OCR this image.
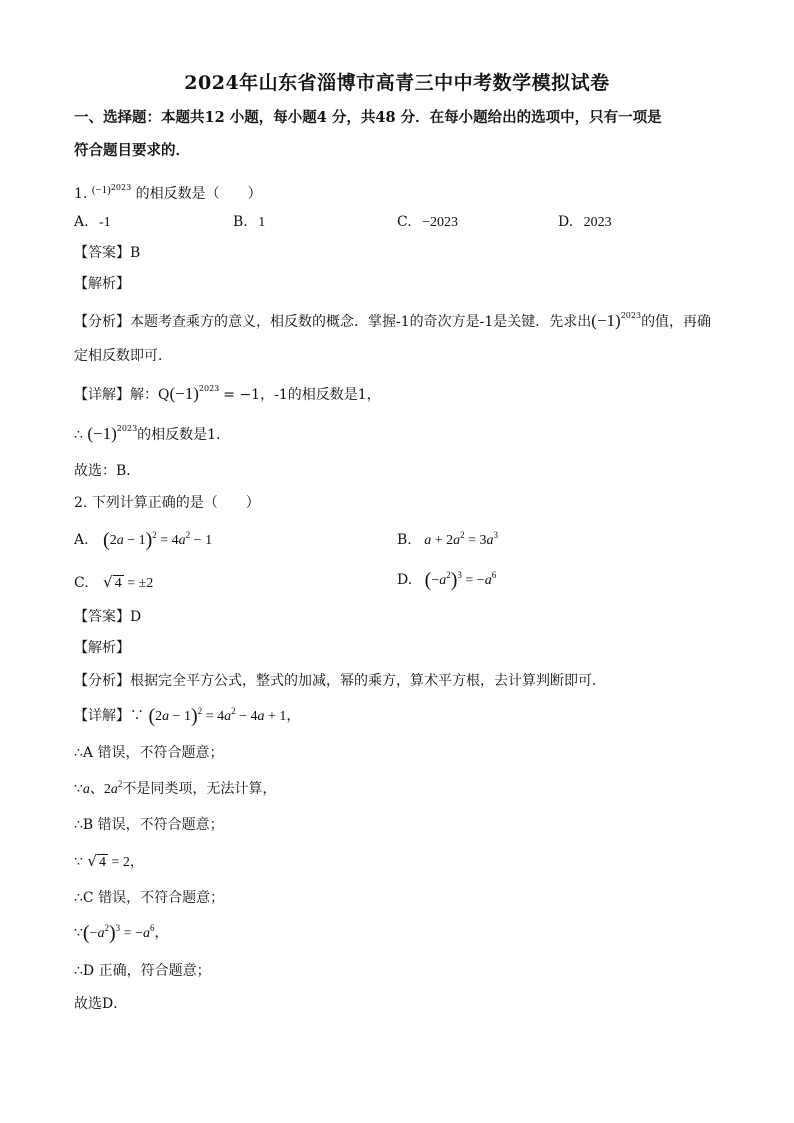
2024年山东省淄博市高青三中中考数学模拟试卷
一、选择题：本题共12 小题，每小题4 分，共48 分．在每小题给出的选项中，只有一项是
符合题目要求的．
1. $^{(-1)2023}$ 的相反数是（　　）
A. -1	B. 1	C. −2023	D. 2023
【答案】B
【解析】
【分析】本题考查乘方的意义，相反数的概念．掌握-1的奇次方是-1是关键．先求出$(-1)^{2023}$的值，再确
定相反数即可．
【详解】解：$Q(-1)^{2023} = -1$，-1的相反数是1，
∴ $(-1)^{2023}$的相反数是1．
故选：B．
2. 下列计算正确的是（　　）
A. $(2a - 1)^2 = 4a^2 - 1$	B. $a + 2a^2 = 3a^3$
C. √ 4 = ±2	D. $(-a^2)^3 = -a^6$
【答案】D
【解析】
【分析】根据完全平方公式，整式的加减，幂的乘方，算术平方根，去计算判断即可．
【详解】∵ $(2a - 1)^2 = 4a^2 - 4a + 1$，
∴A 错误，不符合题意；
∵a、$2a^2$不是同类项，无法计算，
∴B 错误，不符合题意；
∵ √ 4 = 2，
∴C 错误，不符合题意；
$\because(-a^2)^3 = -a^6$，
∴D 正确，符合题意；
故选D．
